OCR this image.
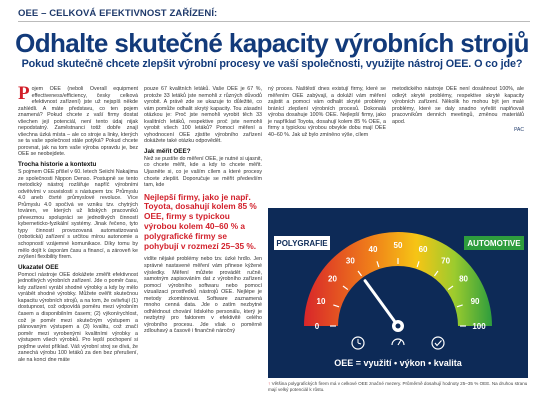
OEE – CELKOVÁ EFEKTIVNOST ZAŘÍZENÍ:
Odhalte skutečné kapacity výrobních strojů
Pokud skutečně chcete zlepšit výrobní procesy ve vaší společnosti, využijte nástroj OEE. O co jde?

Pojem OEE (neboli Overall equipment effectiveness/efficiency, česky celková efektivnost zařízení) jste už nejspíš někde zahlédli. A máte představu, co ten pojem znamená? Pokud chcete z vaší firmy dostat všechen její potenciál, není tento údaj nijak nepodstatný. Zaměstnanci totiž dobře znají všechna úzká místa – ale co stroje a linky, kterých se ta vaše společnost stále potýká? Pokud chcete porovnat, jak na tom vaše výroba opravdu je, bez OEE se neobejdete.

Trocha historie a kontextu

S pojmem OEE přišel v 60. letech Seiichi Nakajima ze společnosti Nippon Denso. Postupně se tento metodický nástroj rozšiřuje napříč výrobními odvětvími v souvislosti s nástupem tzv. Průmyslu 4.0 aneb čtvrté průmyslové revoluce. Více Průmyslu 4.0 spočívá ve vzniku tzv. chytrých továren, ve kterých už lidských pracovníků převezmou spolupráci se jednotlivých činností kyberneticko-fyzikální systémy. Jinak řečeno, tyto typy činností provozovaná automatizovaná (robotická) zařízení s určitou mírou autonomie a schopností vzájemné komunikace. Díky tomu by mělo dojít k úsporám času a financí, a zároveň ke zvýšení flexibility firem.

Ukazatel OEE

Pomocí nástroje OEE dokážete změřit efektivnost jednotlivých výrobních zařízení. Jde o poměr času, kdy zařízení vyrábí shodné výrobky a kdy by mělo vyrábět shodné výrobky. Můžete ověřit skutečnou kapacitu výrobních strojů, a na tom, že ovlivňují (1) dostupnost, což odpovídá poměru mezi výrobním časem a disponibilním časem; (2) výkon/rychlost, což je poměr mezi skutečným výstupem a plánovaným výstupem a (3) kvalitu, což značí poměr mezi vyrobenými kvalitními výrobky a výstupem všech výrobků. Pro lepší pochopení si pojďme uvést příklad. Váš výrobní stroj se dívá, že zanechá výrobu 100 letáků za den bez přerušení, ale na konci dne máte

pouze 67 kvalitních letáků. Vaše OEE je 67 %, protože 33 letáků jste nemohli z různých důvodů vyrobit. A právě zde se ukazuje to důležité, co vám pomůže odhalit skrytý kapacity. Tou zásadní otázkou je: Proč jste nemohli vyrobit těch 33 kvalitních letáků, respektive proč jste nemohli vyrobit všech 100 letáků? Pomocí měření a vyhodnocení OEE zjistíte výrobního zařízení dokážete také otázku odpovědět.

Jak měřit OEE?

Než se pustíte do měření OEE, je nutné si ujasnit, co chcete měřit, kde a kdy to chcete měřit. Ujasněte si, co je vaším cílem a které procesy chcete zlepšit. Doporučuje se měřit především tam, kde

Nejlepší firmy, jako je např. Toyota, dosahují kolem 85 % OEE, firmy s typickou výrobou kolem 40–60 % a polygrafické firmy se pohybují v rozmezí 25–35 %.

vidíte nějaké problémy nebo tzv. úzké hrdlo. Jen správné nastavené měření vám přinese kýžené výsledky. Měření můžete provádět ručně, samotným zapisováním dat z výrobního zařízení pomocí výrobního softwaru nebo pomocí vizualizaci prostředků nástrojů OEE. Nejlépe je metody zkombinovat. Software zaznamená mnoho cenná data. Jde o zatím nezbytné odhlédnout chování lidského personálu, který je nezbytný pro faktorem v efektivitě celého výrobního procesu. Jde však o poměrně zdlouhavý a časově i finančně náročný

ný proces. Naštěstí dnes existují firmy, které se měřením OEE zabývají, a dokáží vám měření zajistit a pomoci vám odhalit skryté problémy bránící zlepšení výrobních procesů. Dokonalá výroba dosahuje 100% OEE. Nejlepší firmy, jako je například Toyota, dosahují kolem 85 % OEE, a firmy s typickou výrobou obvykle dobu mají OEE 40–60 %. Jak už bylo zmíněno výše, cílem

metodického nástroje OEE není dosáhnout 100%, ale odkrýt skryté problémy, respektive skryté kapacity výrobních zařízení. Několik ho mohou být jen malé problémy, které se daly snadno vyřešit naplňovali pracovníkům denních meetingů, změnou materiálů apod.

PAC

0
10
20
30
40 50 60
70
80
90
100
POLYGRAFIE	AUTOMOTIVE
OEE = využití • výkon • kvalita
↑ Většina polygrafických firem má v celkové OEE značné mezery. Průměrně dosahují hodnoty 25–35 % OEE. Na druhou stranu mají velký potenciál k růstu.
